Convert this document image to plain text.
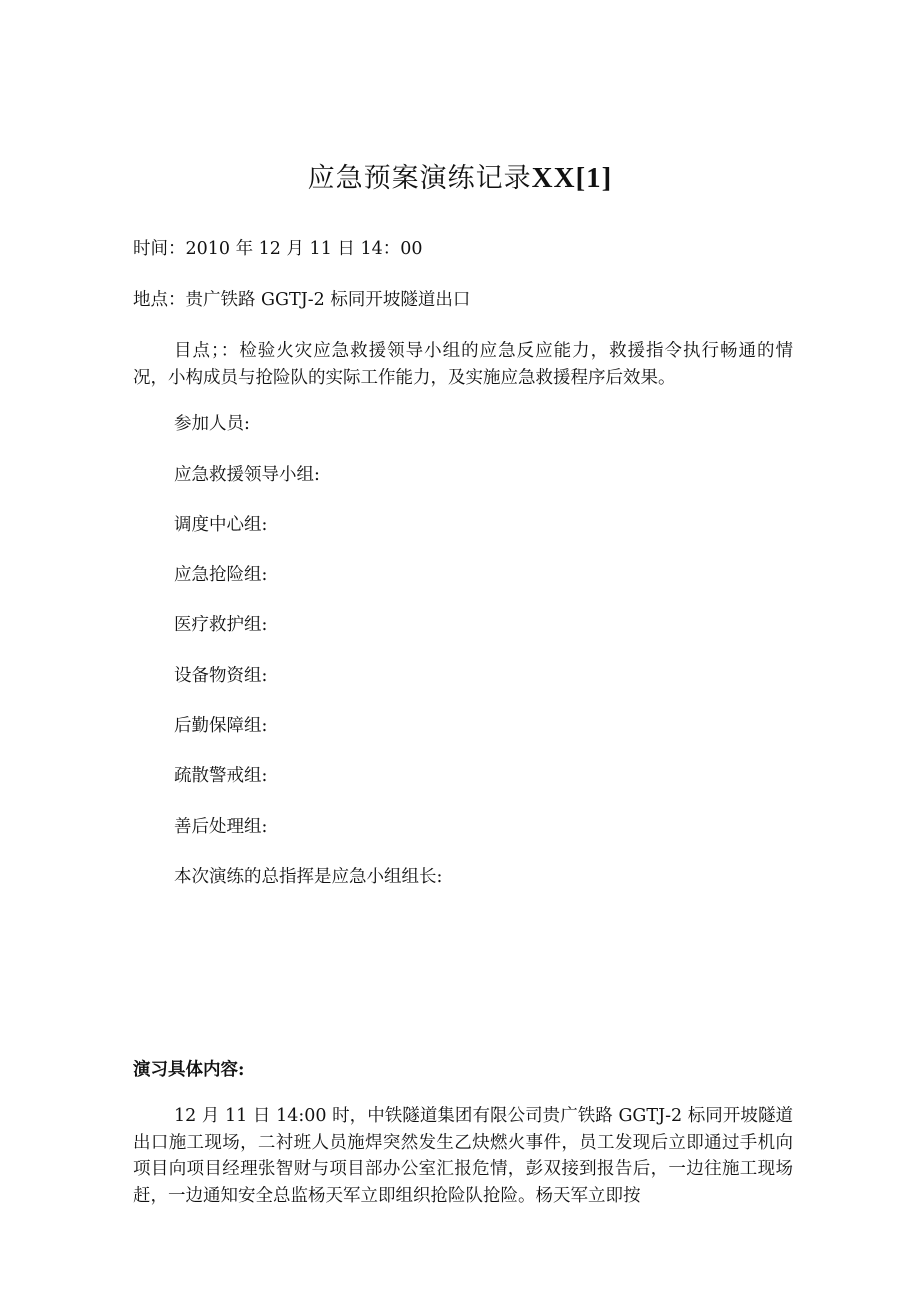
应急预案演练记录XX[1]
时间：2010 年 12 月 11 日 14：00
地点：贵广铁路 GGTJ-2 标同开坡隧道出口
目点；：检验火灾应急救援领导小组的应急反应能力，救援指令执行畅通的情况，小构成员与抢险队的实际工作能力，及实施应急救援程序后效果。
参加人员:
应急救援领导小组:
调度中心组:
应急抢险组:
医疗救护组:
设备物资组:
后勤保障组:
疏散警戒组:
善后处理组:
本次演练的总指挥是应急小组组长:
演习具体内容:
12 月 11 日 14:00 时，中铁隧道集团有限公司贵广铁路 GGTJ-2 标同开坡隧道出口施工现场，二衬班人员施焊突然发生乙炔燃火事件，员工发现后立即通过手机向项目向项目经理张智财与项目部办公室汇报危情，彭双接到报告后，一边往施工现场赶，一边通知安全总监杨天军立即组织抢险队抢险。杨天军立即按
